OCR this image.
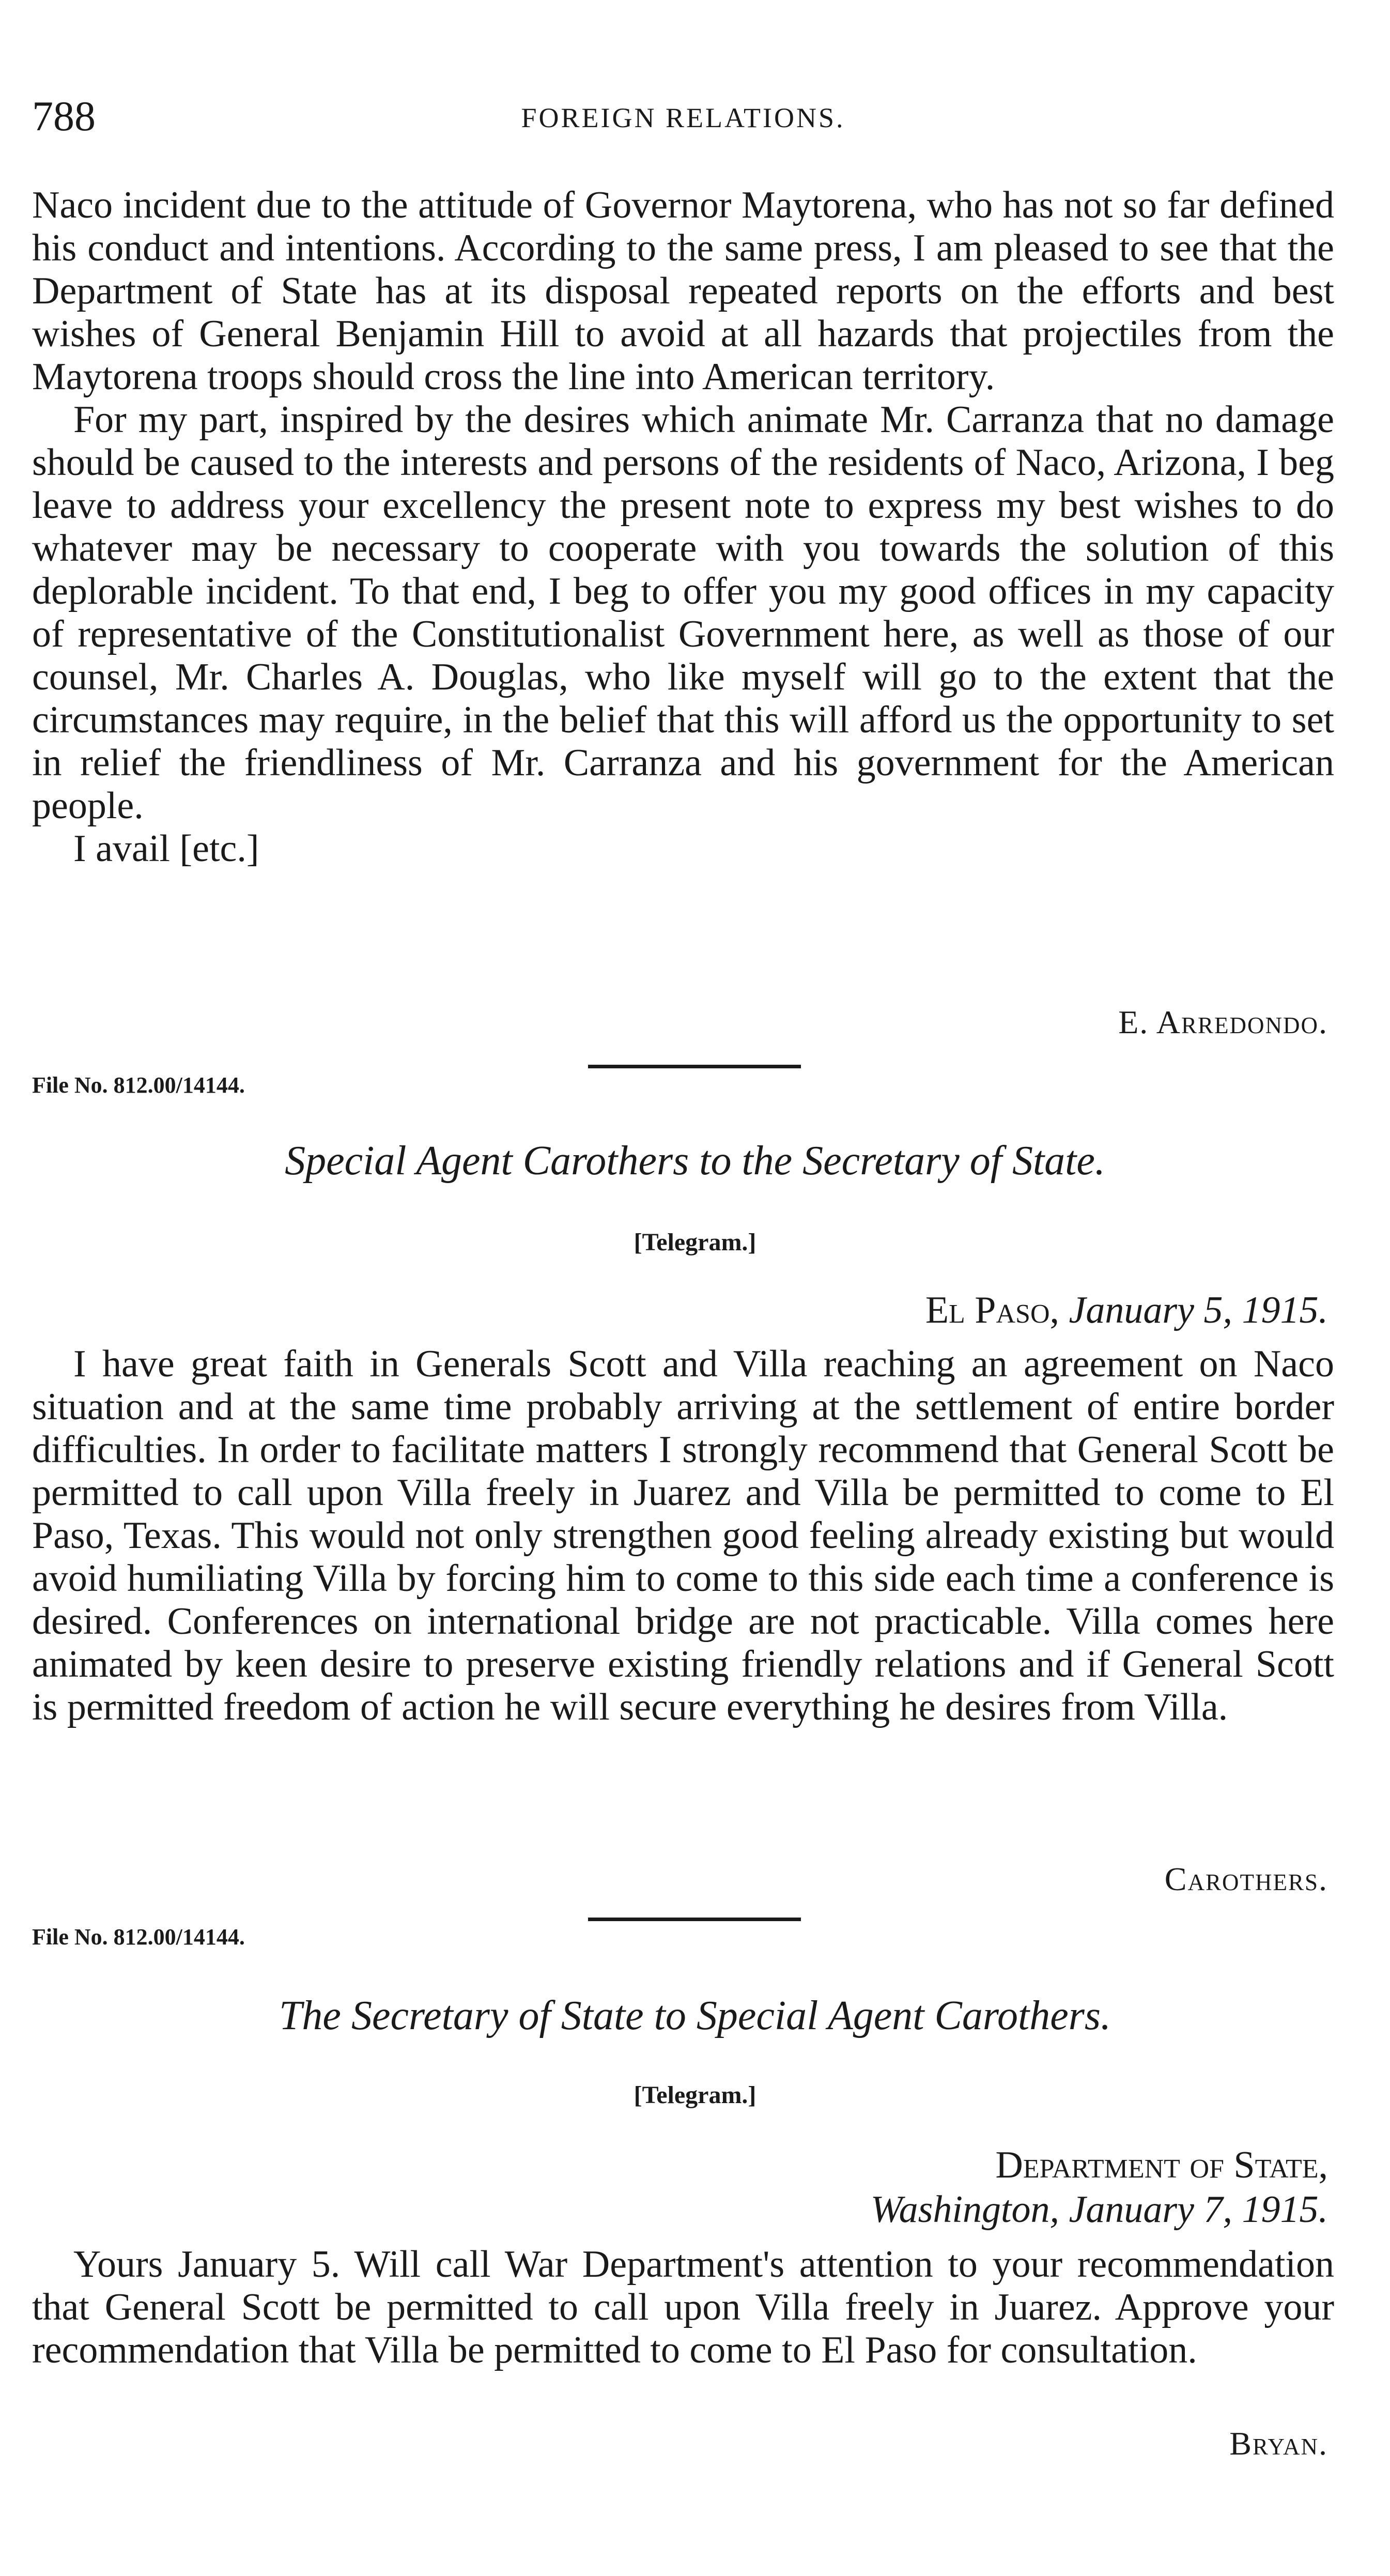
788	FOREIGN RELATIONS.

Naco incident due to the attitude of Governor Maytorena, who has not so far defined his conduct and intentions. According to the same press, I am pleased to see that the Department of State has at its disposal repeated reports on the efforts and best wishes of General Benjamin Hill to avoid at all hazards that projectiles from the Maytorena troops should cross the line into American territory.

For my part, inspired by the desires which animate Mr. Carranza that no damage should be caused to the interests and persons of the residents of Naco, Arizona, I beg leave to address your excellency the present note to express my best wishes to do whatever may be necessary to cooperate with you towards the solution of this deplorable incident. To that end, I beg to offer you my good offices in my capacity of representative of the Constitutionalist Government here, as well as those of our counsel, Mr. Charles A. Douglas, who like myself will go to the extent that the circumstances may require, in the belief that this will afford us the opportunity to set in relief the friendliness of Mr. Carranza and his government for the American people.

I avail [etc.]

E. Arredondo.
File No. 812.00/14144.
Special Agent Carothers to the Secretary of State.
[Telegram.]
El Paso, January 5, 1915.

I have great faith in Generals Scott and Villa reaching an agreement on Naco situation and at the same time probably arriving at the settlement of entire border difficulties. In order to facilitate matters I strongly recommend that General Scott be permitted to call upon Villa freely in Juarez and Villa be permitted to come to El Paso, Texas. This would not only strengthen good feeling already existing but would avoid humiliating Villa by forcing him to come to this side each time a conference is desired. Conferences on international bridge are not practicable. Villa comes here animated by keen desire to preserve existing friendly relations and if General Scott is permitted freedom of action he will secure everything he desires from Villa.

Carothers.
File No. 812.00/14144.
The Secretary of State to Special Agent Carothers.
[Telegram.]
Department of State,
Washington, January 7, 1915.

Yours January 5. Will call War Department's attention to your recommendation that General Scott be permitted to call upon Villa freely in Juarez. Approve your recommendation that Villa be permitted to come to El Paso for consultation.

Bryan.
